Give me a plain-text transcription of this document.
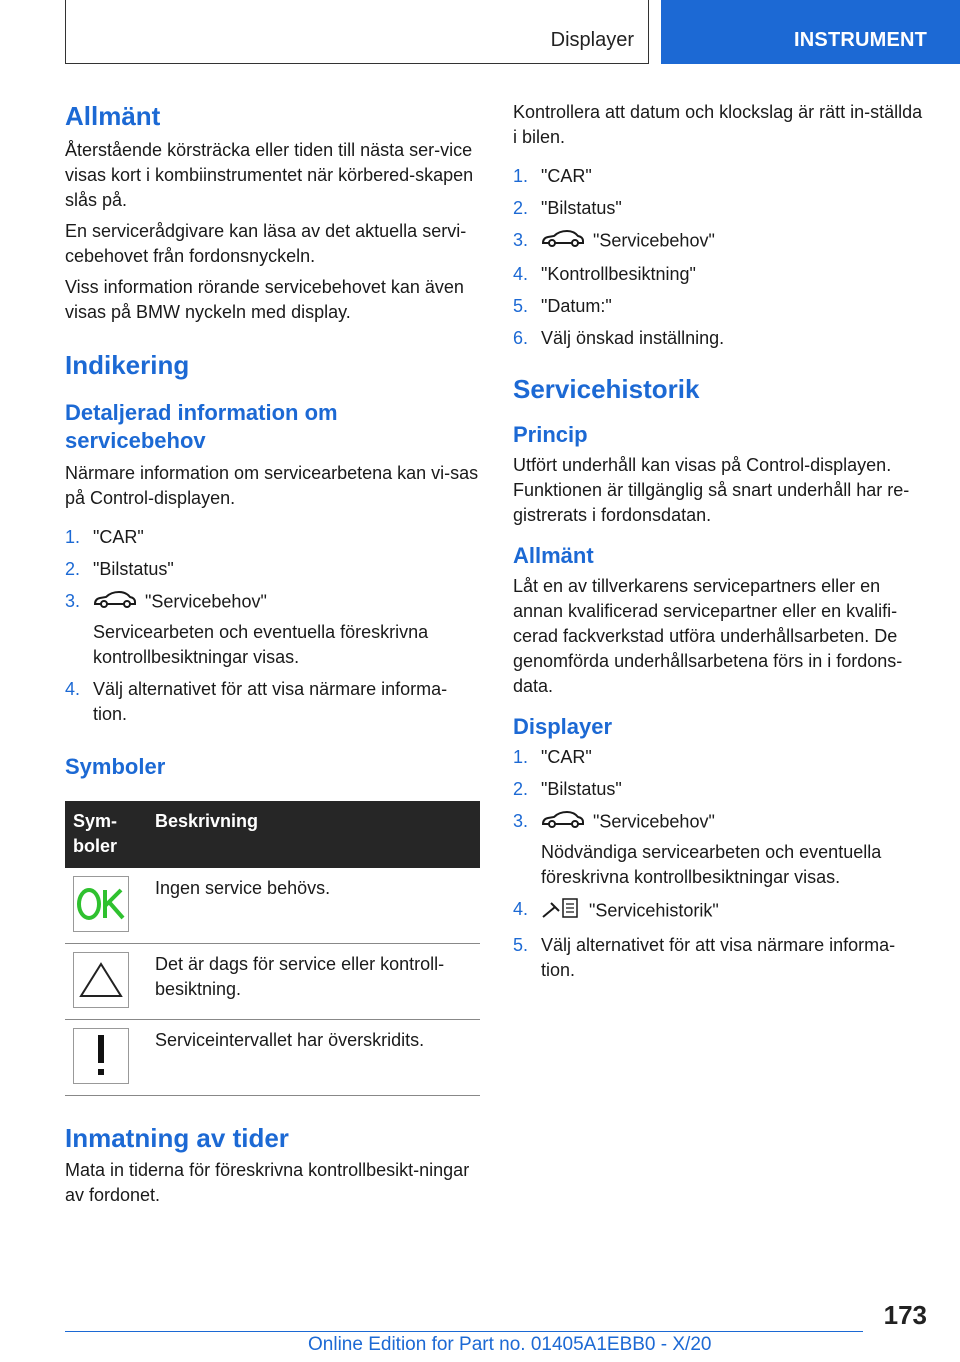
Displayer	INSTRUMENT
Allmänt
Återstående körsträcka eller tiden till nästa ser-vice visas kort i kombiinstrumentet när körbered-skapen slås på.
En servicerådgivare kan läsa av det aktuella servi-cebehovet från fordonsnyckeln.
Viss information rörande servicebehovet kan även visas på BMW nyckeln med display.
Indikering
Detaljerad information om servicebehov
Närmare information om servicearbetena kan vi-sas på Control-displayen.
1. "CAR"
2. "Bilstatus"
3.	"Servicebehov"
Servicearbeten och eventuella föreskrivna kontrollbesiktningar visas.
4. Välj alternativet för att visa närmare informa-tion.
Symboler
Sym-boler	Beskrivning

	Ingen service behövs.

	Det är dags för service eller kontroll-besiktning.

	Serviceintervallet har överskridits.
Inmatning av tider
Mata in tiderna för föreskrivna kontrollbesikt-ningar av fordonet.
Kontrollera att datum och klockslag är rätt in-ställda i bilen.
1. "CAR"
2. "Bilstatus"
3.	"Servicebehov"
4. "Kontrollbesiktning"
5. "Datum:"
6. Välj önskad inställning.
Servicehistorik
Princip
Utfört underhåll kan visas på Control-displayen. Funktionen är tillgänglig så snart underhåll har re-gistrerats i fordonsdatan.
Allmänt
Låt en av tillverkarens servicepartners eller en annan kvalificerad servicepartner eller en kvalifi-cerad fackverkstad utföra underhållsarbeten. De genomförda underhållsarbetena förs in i fordons-data.
Displayer
1. "CAR"
2. "Bilstatus"
3.	"Servicebehov"
Nödvändiga servicearbeten och eventuella föreskrivna kontrollbesiktningar visas.
4.	"Servicehistorik"
5. Välj alternativet för att visa närmare informa-tion.
173
Online Edition for Part no. 01405A1EBB0 - X/20
